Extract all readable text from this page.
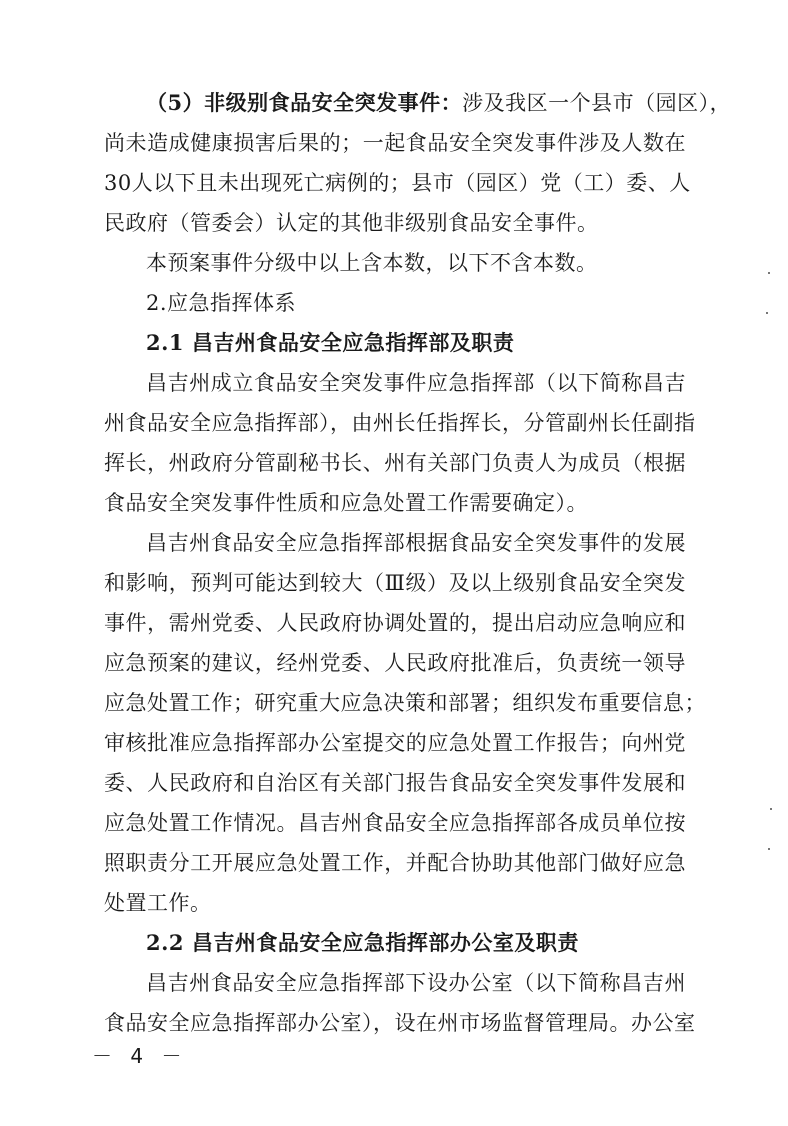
（5）非级别食品安全突发事件：涉及我区一个县市（园区），
尚未造成健康损害后果的；一起食品安全突发事件涉及人数在
30人以下且未出现死亡病例的；县市（园区）党（工）委、人
民政府（管委会）认定的其他非级别食品安全事件。
本预案事件分级中以上含本数，以下不含本数。
2.应急指挥体系
2.1 昌吉州食品安全应急指挥部及职责
昌吉州成立食品安全突发事件应急指挥部（以下简称昌吉
州食品安全应急指挥部），由州长任指挥长，分管副州长任副指
挥长，州政府分管副秘书长、州有关部门负责人为成员（根据
食品安全突发事件性质和应急处置工作需要确定）。
昌吉州食品安全应急指挥部根据食品安全突发事件的发展
和影响，预判可能达到较大（Ⅲ级）及以上级别食品安全突发
事件，需州党委、人民政府协调处置的，提出启动应急响应和
应急预案的建议，经州党委、人民政府批准后，负责统一领导
应急处置工作；研究重大应急决策和部署；组织发布重要信息；
审核批准应急指挥部办公室提交的应急处置工作报告；向州党
委、人民政府和自治区有关部门报告食品安全突发事件发展和
应急处置工作情况。昌吉州食品安全应急指挥部各成员单位按
照职责分工开展应急处置工作，并配合协助其他部门做好应急
处置工作。
2.2 昌吉州食品安全应急指挥部办公室及职责
昌吉州食品安全应急指挥部下设办公室（以下简称昌吉州
食品安全应急指挥部办公室），设在州市场监督管理局。办公室
－ 4 －
